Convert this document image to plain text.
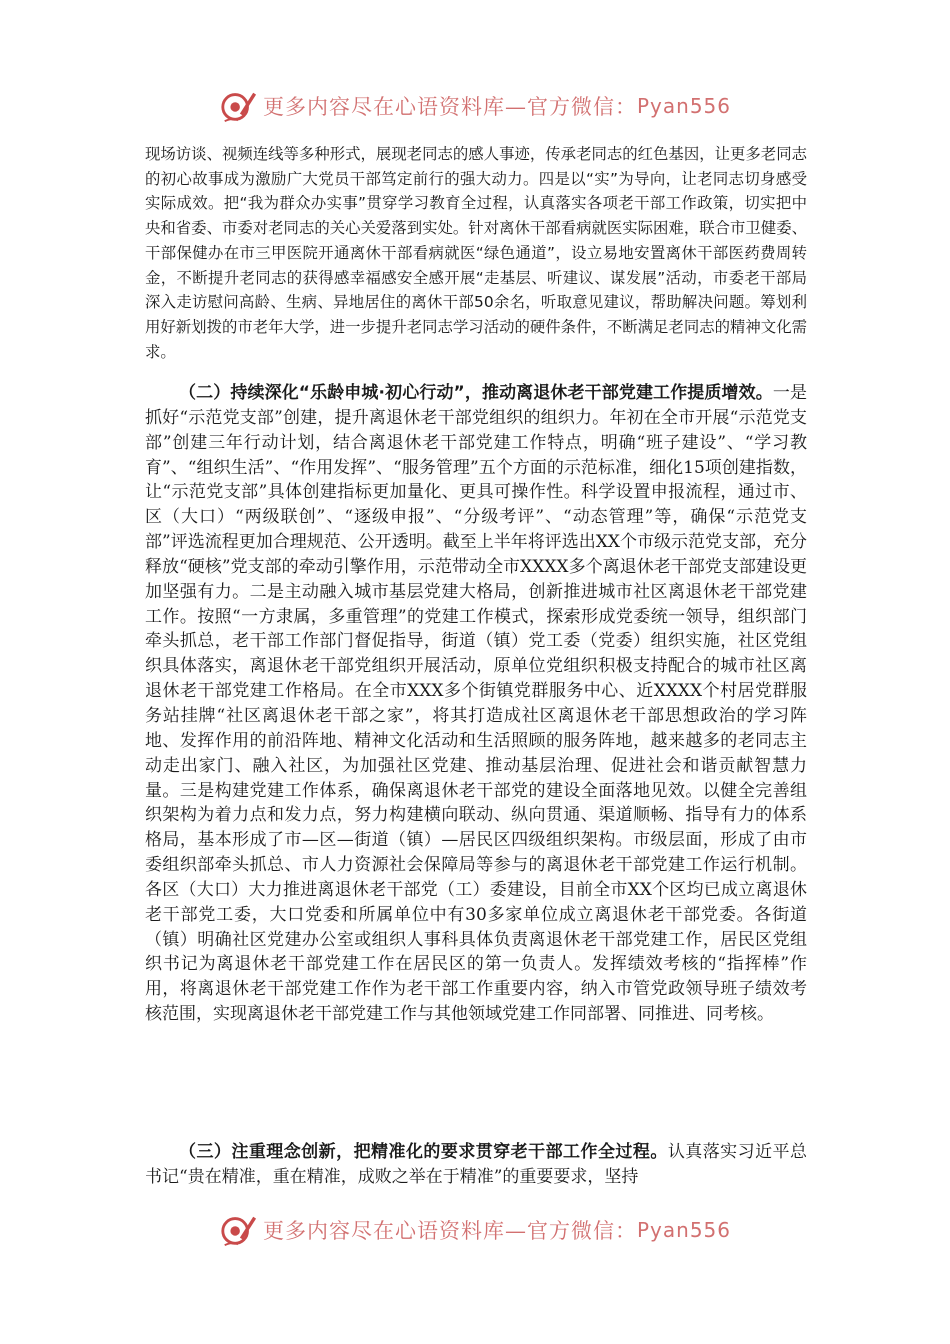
更多内容尽在心语资料库—官方微信： Pyan556

现场访谈、视频连线等多种形式，展现老同志的感人事迹，传承老同志的红色基因，让更多老同志的初心故事成为激励广大党员干部笃定前行的强大动力。四是以“实”为导向，让老同志切身感受实际成效。把“我为群众办实事”贯穿学习教育全过程，认真落实各项老干部工作政策，切实把中央和省委、市委对老同志的关心关爱落到实处。针对离休干部看病就医实际困难，联合市卫健委、干部保健办在市三甲医院开通离休干部看病就医“绿色通道”，设立易地安置离休干部医药费周转金，不断提升老同志的获得感幸福感安全感开展“走基层、听建议、谋发展”活动，市委老干部局深入走访慰问高龄、生病、异地居住的离休干部50余名，听取意见建议，帮助解决问题。筹划利用好新划拨的市老年大学，进一步提升老同志学习活动的硬件条件，不断满足老同志的精神文化需求。

（二）持续深化“乐龄申城·初心行动”，推动离退休老干部党建工作提质增效。一是抓好“示范党支部”创建，提升离退休老干部党组织的组织力。年初在全市开展“示范党支部”创建三年行动计划，结合离退休老干部党建工作特点，明确“班子建设”、“学习教育”、“组织生活”、“作用发挥”、“服务管理”五个方面的示范标准，细化15项创建指数，让“示范党支部”具体创建指标更加量化、更具可操作性。科学设置申报流程，通过市、区（大口）“两级联创”、“逐级申报”、“分级考评”、“动态管理”等，确保“示范党支部”评选流程更加合理规范、公开透明。截至上半年将评选出XX个市级示范党支部，充分释放“硬核”党支部的牵动引擎作用，示范带动全市XXXX多个离退休老干部党支部建设更加坚强有力。二是主动融入城市基层党建大格局，创新推进城市社区离退休老干部党建工作。按照“一方隶属，多重管理”的党建工作模式，探索形成党委统一领导，组织部门牵头抓总，老干部工作部门督促指导，街道（镇）党工委（党委）组织实施，社区党组织具体落实，离退休老干部党组织开展活动，原单位党组织积极支持配合的城市社区离退休老干部党建工作格局。在全市XXX多个街镇党群服务中心、近XXXX个村居党群服务站挂牌“社区离退休老干部之家”，将其打造成社区离退休老干部思想政治的学习阵地、发挥作用的前沿阵地、精神文化活动和生活照顾的服务阵地，越来越多的老同志主动走出家门、融入社区，为加强社区党建、推动基层治理、促进社会和谐贡献智慧力量。三是构建党建工作体系，确保离退休老干部党的建设全面落地见效。以健全完善组织架构为着力点和发力点，努力构建横向联动、纵向贯通、渠道顺畅、指导有力的体系格局，基本形成了市—区—街道（镇）—居民区四级组织架构。市级层面，形成了由市委组织部牵头抓总、市人力资源社会保障局等参与的离退休老干部党建工作运行机制。各区（大口）大力推进离退休老干部党（工）委建设，目前全市XX个区均已成立离退休老干部党工委，大口党委和所属单位中有30多家单位成立离退休老干部党委。各街道（镇）明确社区党建办公室或组织人事科具体负责离退休老干部党建工作，居民区党组织书记为离退休老干部党建工作在居民区的第一负责人。发挥绩效考核的“指挥棒”作用，将离退休老干部党建工作作为老干部工作重要内容，纳入市管党政领导班子绩效考核范围，实现离退休老干部党建工作与其他领域党建工作同部署、同推进、同考核。

（三）注重理念创新，把精准化的要求贯穿老干部工作全过程。认真落实习近平总书记“贵在精准，重在精准，成败之举在于精准”的重要要求，坚持

更多内容尽在心语资料库—官方微信： Pyan556
